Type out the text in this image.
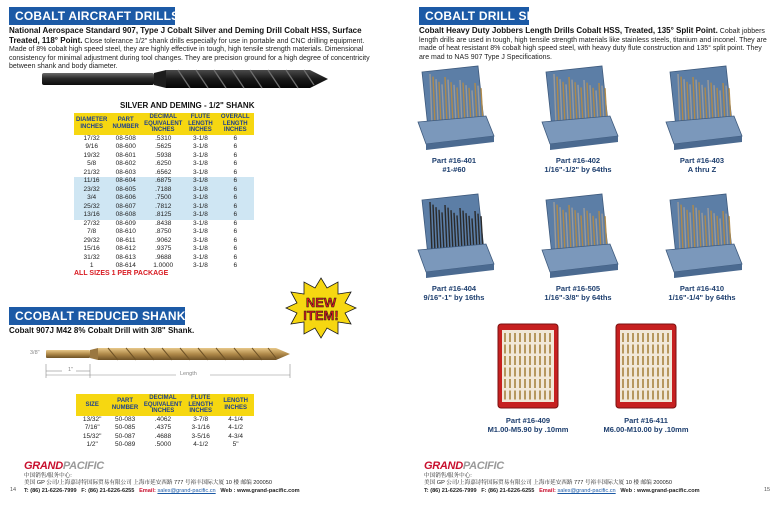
COBALT AIRCRAFT DRILLS
National Aerospace Standard 907, Type J Cobalt Silver and Deming Drill Cobalt HSS, Surface Treated, 118° Point. Close tolerance 1/2" shank drills especially for use in portable and CNC drilling equipment. Made of 8% cobalt high speed steel, they are highly effective in tough, high tensile strength materials. Dimensional consistency for minimal adjustment during tool changes. They are precision ground for a high degree of concentricity between shank and body diameter.
SILVER AND DEMING - 1/2" SHANK
DIAMETER INCHES	PART NUMBER	DECIMAL EQUIVALENT INCHES	FLUTE LENGTH INCHES	OVERALL LENGTH INCHES
17/32	08-508	.5310	3-1/8	6
9/16	08-600	.5625	3-1/8	6
19/32	08-601	.5938	3-1/8	6
5/8	08-602	.6250	3-1/8	6
21/32	08-603	.6562	3-1/8	6
11/16	08-604	.6875	3-1/8	6
23/32	08-605	.7188	3-1/8	6
3/4	08-606	.7500	3-1/8	6
25/32	08-607	.7812	3-1/8	6
13/16	08-608	.8125	3-1/8	6
27/32	08-609	.8438	3-1/8	6
7/8	08-610	.8750	3-1/8	6
29/32	08-611	.9062	3-1/8	6
15/16	08-612	.9375	3-1/8	6
31/32	08-613	.9688	3-1/8	6
1	08-614	1.0000	3-1/8	6
ALL SIZES 1 PER PACKAGE
NEW
ITEM!
CCOBALT REDUCED SHANK DRILL
Cobalt 907J M42 8% Cobalt Drill with 3/8" Shank.
3/8"
1"
Length
SIZE	PART NUMBER	DECIMAL EQUIVALENT INCHES	FLUTE LENGTH INCHES	LENGTH INCHES
13/32"	50-083	.4062	3-7/8	4-1/4
7/16"	50-085	.4375	3-1/16	4-1/2
15/32"	50-087	.4688	3-5/16	4-3/4
1/2"	50-089	.5000	4-1/2	5"
GRANDPACIFIC
中国销售/服务中心:
美国 GP 公司/上海嘉诗特国际贸易有限公司 上海市延安西路 777 号裕丰国际大厦 10 楼 邮编 200050
T: (86) 21-6226-7999 F: (86) 21-6226-6255 Email: sales@grand-pacific.cn Web : www.grand-pacific.com
14
COBALT DRILL SETS
Cobalt Heavy Duty Jobbers Length Drills Cobalt HSS, Treated, 135° Split Point. Cobalt jobbers length drills are used in tough, high tensile strength materials like stainless steels, titanium and inconel. They are made of heat resistant 8% cobalt high speed steel, with heavy duty flute construction and 135° split point. They are mad to NAS 907 Type J Specifications.
Part #16-401
#1-#60
Part #16-402
1/16"-1/2" by 64ths
Part #16-403
A thru Z
Part #16-404
9/16"-1" by 16ths
Part #16-505
1/16"-3/8" by 64ths
Part #16-410
1/16"-1/4" by 64ths
Part #16-409
M1.00-M5.90 by .10mm
Part #16-411
M6.00-M10.00 by .10mm
GRANDPACIFIC
中国销售/服务中心:
美国 GP 公司/上海嘉诗特国际贸易有限公司 上海市延安西路 777 号裕丰国际大厦 10 楼 邮编 200050
T: (86) 21-6226-7999 F: (86) 21-6226-6255 Email: sales@grand-pacific.cn Web : www.grand-pacific.com	15
